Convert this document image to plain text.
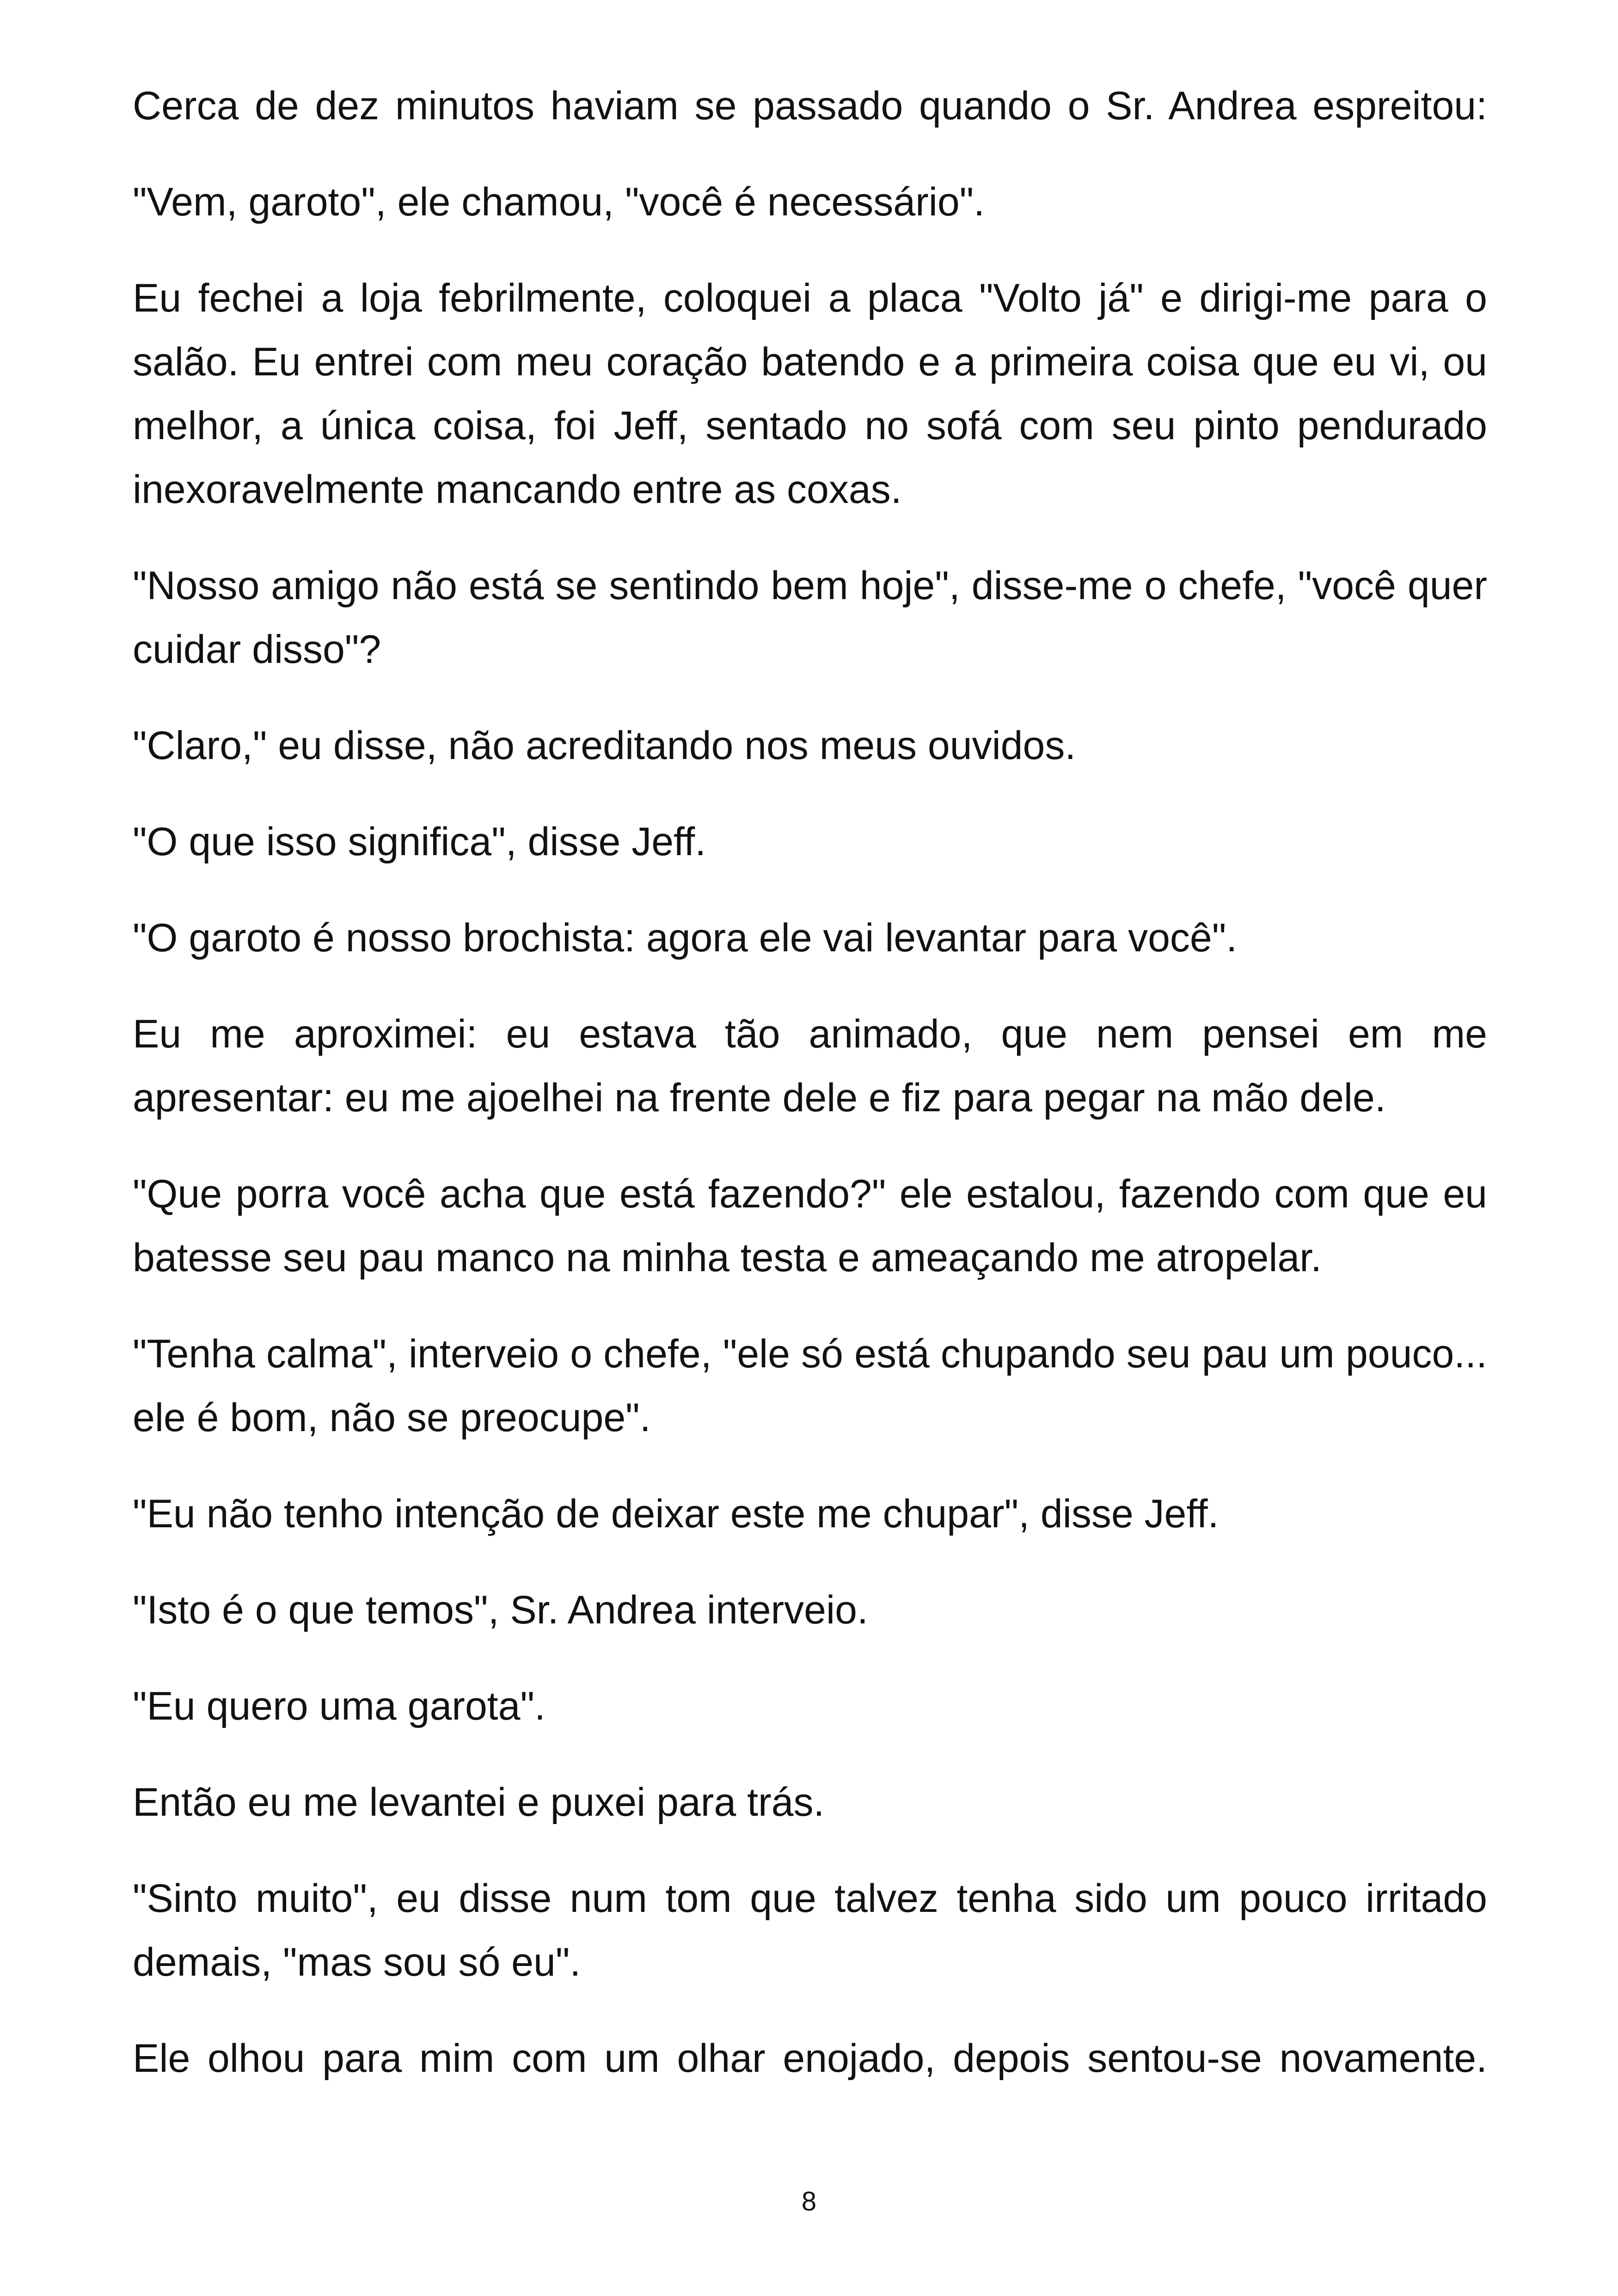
Cerca de dez minutos haviam se passado quando o Sr. Andrea espreitou:

"Vem, garoto", ele chamou, "você é necessário".

Eu fechei a loja febrilmente, coloquei a placa "Volto já" e dirigi-me para o salão. Eu entrei com meu coração batendo e a primeira coisa que eu vi, ou melhor, a única coisa, foi Jeff, sentado no sofá com seu pinto pendurado inexoravelmente mancando entre as coxas.

"Nosso amigo não está se sentindo bem hoje", disse-me o chefe, "você quer cuidar disso"?

"Claro," eu disse, não acreditando nos meus ouvidos.

"O que isso significa", disse Jeff.

"O garoto é nosso brochista: agora ele vai levantar para você".

Eu me aproximei: eu estava tão animado, que nem pensei em me apresentar: eu me ajoelhei na frente dele e fiz para pegar na mão dele.

"Que porra você acha que está fazendo?" ele estalou, fazendo com que eu batesse seu pau manco na minha testa e ameaçando me atropelar.

"Tenha calma", interveio o chefe, "ele só está chupando seu pau um pouco... ele é bom, não se preocupe".

"Eu não tenho intenção de deixar este me chupar", disse Jeff.

"Isto é o que temos", Sr. Andrea interveio.

"Eu quero uma garota".

Então eu me levantei e puxei para trás.

"Sinto muito", eu disse num tom que talvez tenha sido um pouco irritado demais, "mas sou só eu".

Ele olhou para mim com um olhar enojado, depois sentou-se novamente.

8
